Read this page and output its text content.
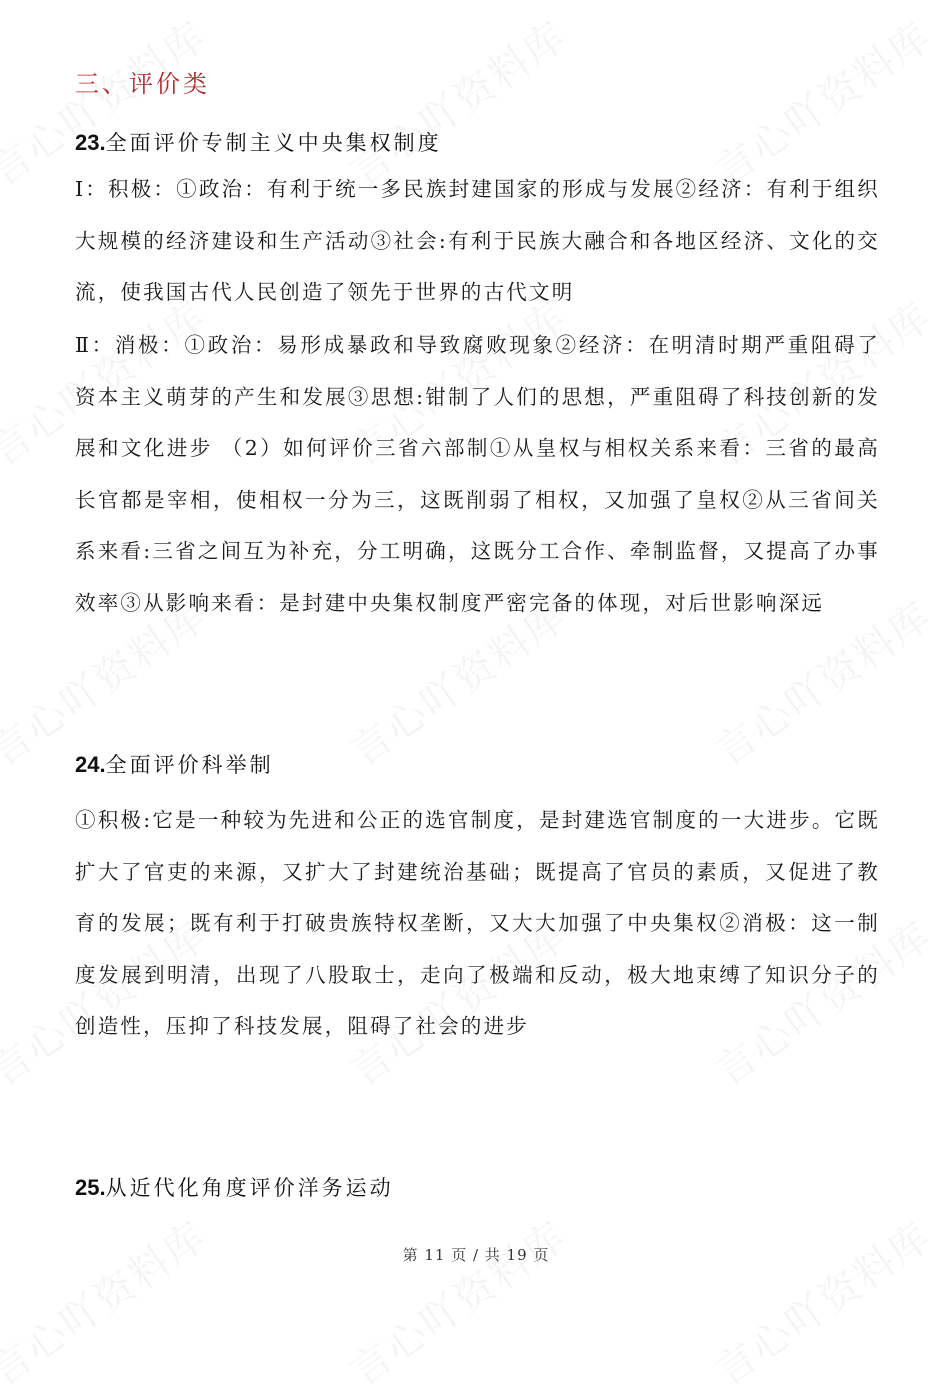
三、评价类
23.全面评价专制主义中央集权制度
Ⅰ：积极：①政治：有利于统一多民族封建国家的形成与发展②经济：有利于组织大规模的经济建设和生产活动③社会:有利于民族大融合和各地区经济、文化的交流，使我国古代人民创造了领先于世界的古代文明
Ⅱ：消极：①政治：易形成暴政和导致腐败现象②经济：在明清时期严重阻碍了资本主义萌芽的产生和发展③思想:钳制了人们的思想，严重阻碍了科技创新的发展和文化进步 （2）如何评价三省六部制①从皇权与相权关系来看：三省的最高长官都是宰相，使相权一分为三，这既削弱了相权，又加强了皇权②从三省间关系来看:三省之间互为补充，分工明确，这既分工合作、牵制监督，又提高了办事效率③从影响来看：是封建中央集权制度严密完备的体现，对后世影响深远
24.全面评价科举制
①积极:它是一种较为先进和公正的选官制度，是封建选官制度的一大进步。它既扩大了官吏的来源，又扩大了封建统治基础；既提高了官员的素质，又促进了教育的发展；既有利于打破贵族特权垄断，又大大加强了中央集权②消极：这一制度发展到明清，出现了八股取士，走向了极端和反动，极大地束缚了知识分子的创造性，压抑了科技发展，阻碍了社会的进步
25.从近代化角度评价洋务运动
第 11 页 / 共 19 页
